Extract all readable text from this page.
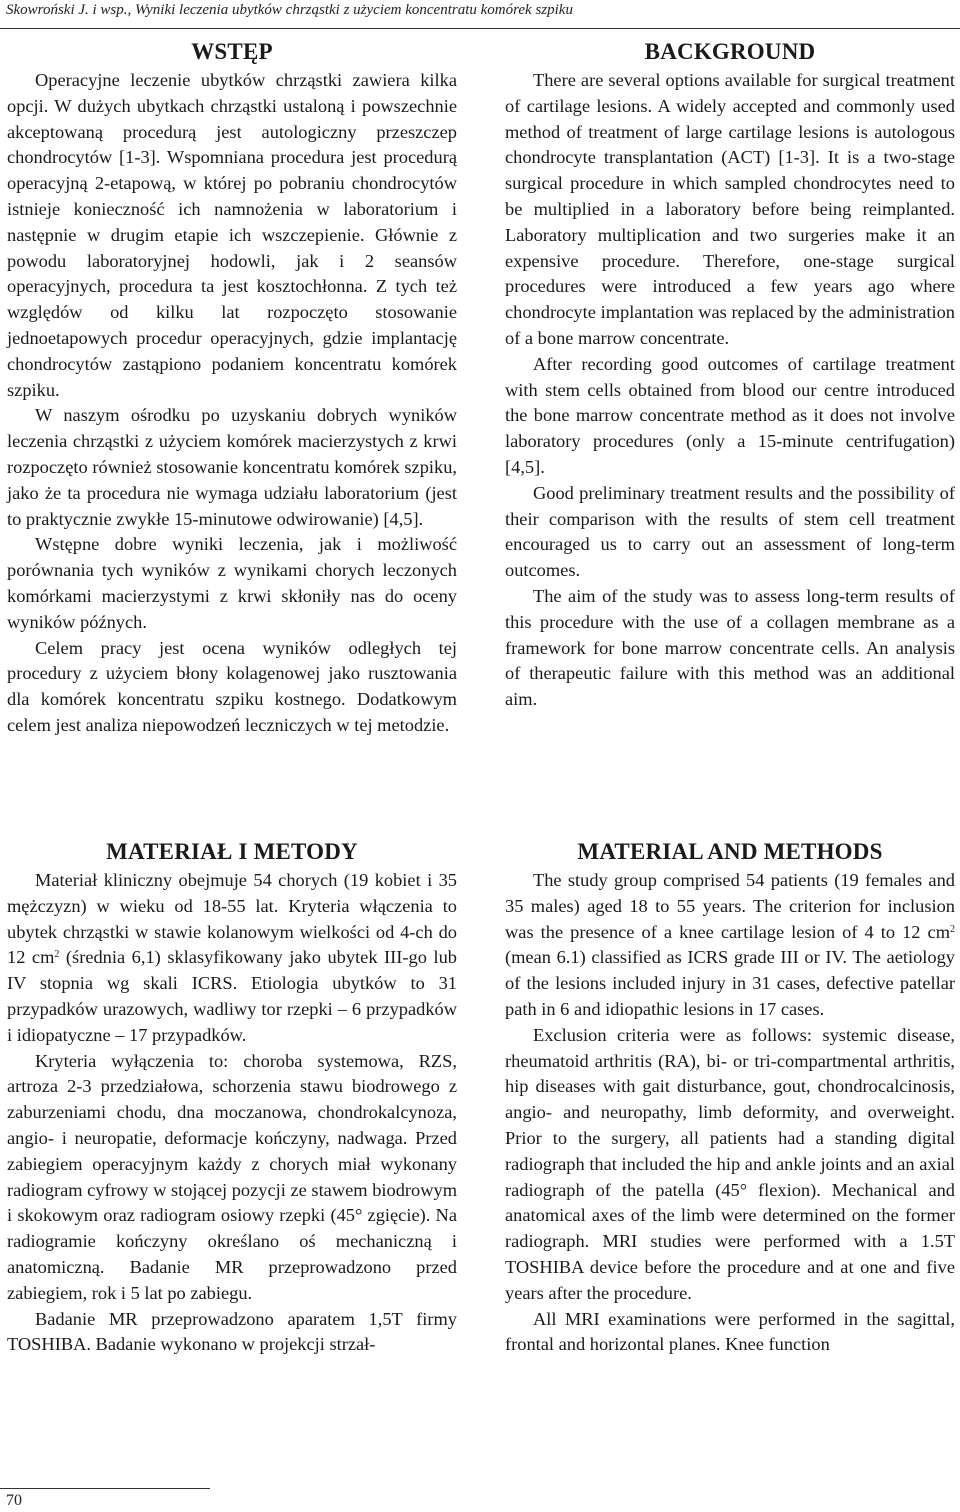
Skowroński J. i wsp., Wyniki leczenia ubytków chrząstki z użyciem koncentratu komórek szpiku
WSTĘP

Operacyjne leczenie ubytków chrząstki zawiera kilka opcji. W dużych ubytkach chrząstki ustaloną i powszechnie akceptowaną procedurą jest autologiczny przeszczep chondrocytów [1-3]. Wspomniana procedura jest procedurą operacyjną 2-etapową, w której po pobraniu chondrocytów istnieje konieczność ich namnożenia w laboratorium i następnie w drugim etapie ich wszczepienie. Głównie z powodu laboratoryjnej hodowli, jak i 2 seansów operacyjnych, procedura ta jest kosztochłonna. Z tych też względów od kilku lat rozpoczęto stosowanie jednoetapowych procedur operacyjnych, gdzie implantację chondrocytów zastąpiono podaniem koncentratu komórek szpiku.

W naszym ośrodku po uzyskaniu dobrych wyników leczenia chrząstki z użyciem komórek macierzystych z krwi rozpoczęto również stosowanie koncentratu komórek szpiku, jako że ta procedura nie wymaga udziału laboratorium (jest to praktycznie zwykłe 15-minutowe odwirowanie) [4,5].

Wstępne dobre wyniki leczenia, jak i możliwość porównania tych wyników z wynikami chorych leczonych komórkami macierzystymi z krwi skłoniły nas do oceny wyników późnych.

Celem pracy jest ocena wyników odległych tej procedury z użyciem błony kolagenowej jako rusztowania dla komórek koncentratu szpiku kostnego. Dodatkowym celem jest analiza niepowodzeń leczniczych w tej metodzie.

BACKGROUND

There are several options available for surgical treatment of cartilage lesions. A widely accepted and commonly used method of treatment of large cartilage lesions is autologous chondrocyte transplantation (ACT) [1-3]. It is a two-stage surgical procedure in which sampled chondrocytes need to be multiplied in a laboratory before being reimplanted. Laboratory multiplication and two surgeries make it an expensive procedure. Therefore, one-stage surgical procedures were introduced a few years ago where chondrocyte implantation was replaced by the administration of a bone marrow concentrate.

After recording good outcomes of cartilage treatment with stem cells obtained from blood our centre introduced the bone marrow concentrate method as it does not involve laboratory procedures (only a 15-minute centrifugation) [4,5].

Good preliminary treatment results and the possibility of their comparison with the results of stem cell treatment encouraged us to carry out an assessment of long-term outcomes.

The aim of the study was to assess long-term results of this procedure with the use of a collagen membrane as a framework for bone marrow concentrate cells. An analysis of therapeutic failure with this method was an additional aim.

MATERIAŁ I METODY

Materiał kliniczny obejmuje 54 chorych (19 kobiet i 35 mężczyzn) w wieku od 18-55 lat. Kryteria włączenia to ubytek chrząstki w stawie kolanowym wielkości od 4-ch do 12 $cm^2$ (średnia 6,1) sklasyfikowany jako ubytek III-go lub IV stopnia wg skali ICRS. Etiologia ubytków to 31 przypadków urazowych, wadliwy tor rzepki – 6 przypadków i idiopatyczne – 17 przypadków.

Kryteria wyłączenia to: choroba systemowa, RZS, artroza 2-3 przedziałowa, schorzenia stawu biodrowego z zaburzeniami chodu, dna moczanowa, chondrokalcynoza, angio- i neuropatie, deformacje kończyny, nadwaga. Przed zabiegiem operacyjnym każdy z chorych miał wykonany radiogram cyfrowy w stojącej pozycji ze stawem biodrowym i skokowym oraz radiogram osiowy rzepki (45° zgięcie). Na radiogramie kończyny określano oś mechaniczną i anatomiczną. Badanie MR przeprowadzono przed zabiegiem, rok i 5 lat po zabiegu.

Badanie MR przeprowadzono aparatem 1,5T firmy TOSHIBA. Badanie wykonano w projekcji strzał-

MATERIAL AND METHODS

The study group comprised 54 patients (19 females and 35 males) aged 18 to 55 years. The criterion for inclusion was the presence of a knee cartilage lesion of 4 to 12 $cm^2$ (mean 6.1) classified as ICRS grade III or IV. The aetiology of the lesions included injury in 31 cases, defective patellar path in 6 and idiopathic lesions in 17 cases.

Exclusion criteria were as follows: systemic disease, rheumatoid arthritis (RA), bi- or tri-compartmental arthritis, hip diseases with gait disturbance, gout, chondrocalcinosis, angio- and neuropathy, limb deformity, and overweight. Prior to the surgery, all patients had a standing digital radiograph that included the hip and ankle joints and an axial radiograph of the patella (45° flexion). Mechanical and anatomical axes of the limb were determined on the former radiograph. MRI studies were performed with a 1.5T TOSHIBA device before the procedure and at one and five years after the procedure.

All MRI examinations were performed in the sagittal, frontal and horizontal planes. Knee function

70
